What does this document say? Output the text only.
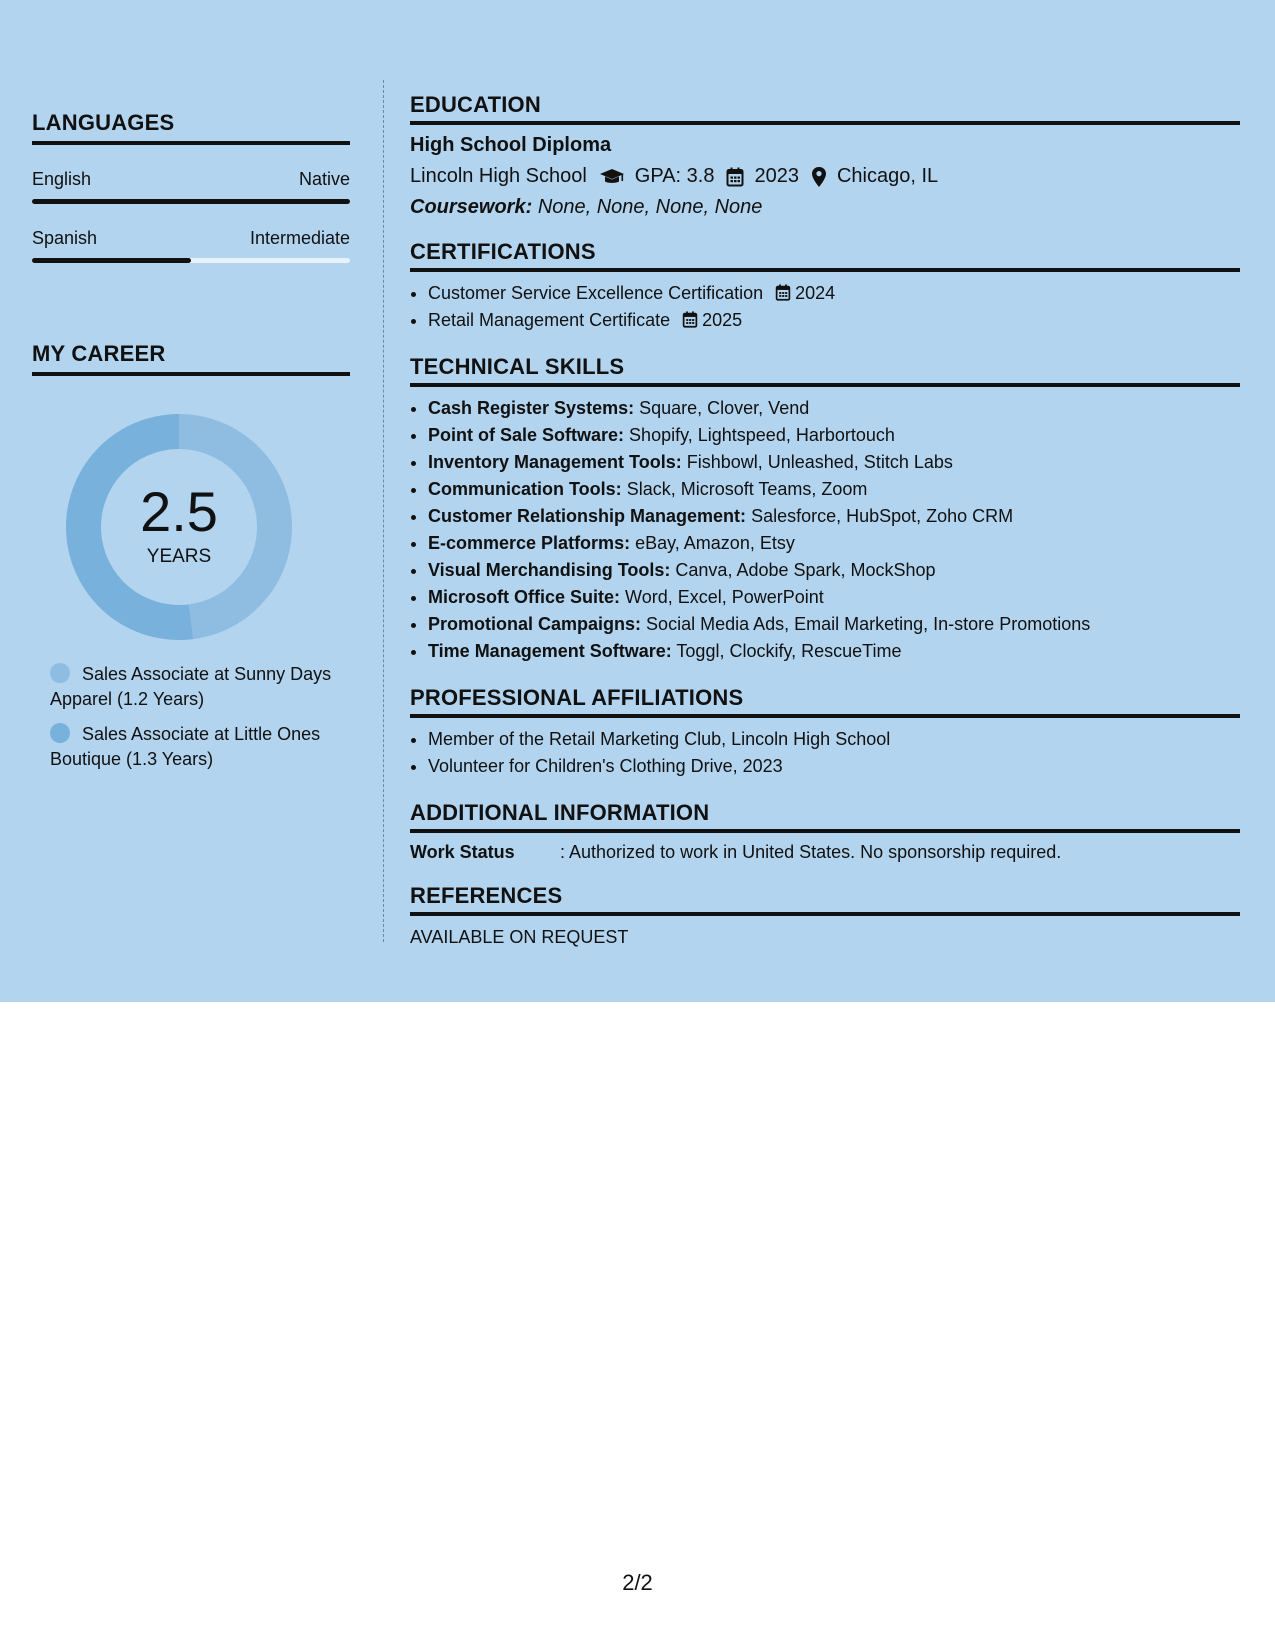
LANGUAGES
English	Native
Spanish	Intermediate
MY CAREER
2.5
YEARS
Sales Associate at Sunny Days Apparel (1.2 Years)
Sales Associate at Little Ones Boutique (1.3 Years)
EDUCATION
High School Diploma
Lincoln High School GPA: 3.8 2023 Chicago, IL
Coursework: None, None, None, None
CERTIFICATIONS
• Customer Service Excellence Certification 2024
• Retail Management Certificate 2025
TECHNICAL SKILLS
• Cash Register Systems: Square, Clover, Vend
• Point of Sale Software: Shopify, Lightspeed, Harbortouch
• Inventory Management Tools: Fishbowl, Unleashed, Stitch Labs
• Communication Tools: Slack, Microsoft Teams, Zoom
• Customer Relationship Management: Salesforce, HubSpot, Zoho CRM
• E-commerce Platforms: eBay, Amazon, Etsy
• Visual Merchandising Tools: Canva, Adobe Spark, MockShop
• Microsoft Office Suite: Word, Excel, PowerPoint
• Promotional Campaigns: Social Media Ads, Email Marketing, In-store Promotions
• Time Management Software: Toggl, Clockify, RescueTime
PROFESSIONAL AFFILIATIONS
• Member of the Retail Marketing Club, Lincoln High School
• Volunteer for Children's Clothing Drive, 2023
ADDITIONAL INFORMATION
Work Status	: Authorized to work in United States. No sponsorship required.
REFERENCES
AVAILABLE ON REQUEST
2/2
